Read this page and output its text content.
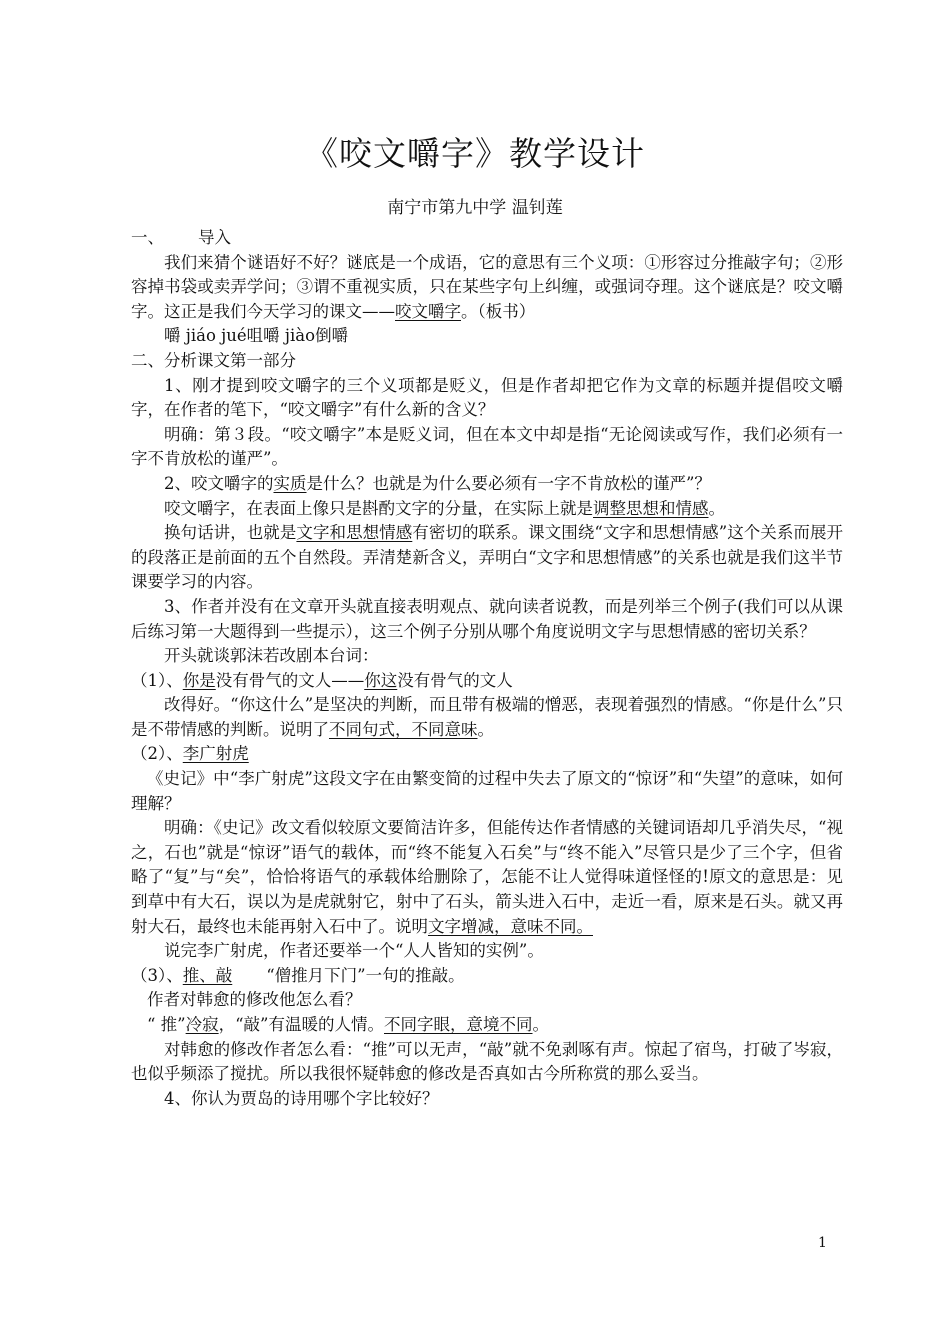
《咬文嚼字》教学设计
南宁市第九中学 温钊莲

一、 导入

我们来猜个谜语好不好？谜底是一个成语，它的意思有三个义项：①形容过分推敲字句；②形容掉书袋或卖弄学问；③谓不重视实质，只在某些字句上纠缠，或强词夺理。这个谜底是？咬文嚼字。这正是我们今天学习的课文——咬文嚼字。（板书）

嚼 jiáo jué咀嚼 jiào倒嚼

二、分析课文第一部分

1、刚才提到咬文嚼字的三个义项都是贬义，但是作者却把它作为文章的标题并提倡咬文嚼字，在作者的笔下，“咬文嚼字”有什么新的含义？

明确：第３段。“咬文嚼字”本是贬义词，但在本文中却是指“无论阅读或写作，我们必须有一字不肯放松的谨严”。

2、咬文嚼字的实质是什么？也就是为什么要必须有一字不肯放松的谨严”？

咬文嚼字，在表面上像只是斟酌文字的分量，在实际上就是调整思想和情感。

换句话讲，也就是文字和思想情感有密切的联系。课文围绕“文字和思想情感”这个关系而展开的段落正是前面的五个自然段。弄清楚新含义，弄明白“文字和思想情感”的关系也就是我们这半节课要学习的内容。

3、作者并没有在文章开头就直接表明观点、就向读者说教，而是列举三个例子(我们可以从课后练习第一大题得到一些提示），这三个例子分别从哪个角度说明文字与思想情感的密切关系？

开头就谈郭沫若改剧本台词：

（1）、你是没有骨气的文人——你这没有骨气的文人

改得好。“你这什么”是坚决的判断，而且带有极端的憎恶，表现着强烈的情感。“你是什么”只是不带情感的判断。说明了不同句式，不同意味。

（2）、李广射虎

《史记》中“李广射虎”这段文字在由繁变简的过程中失去了原文的“惊讶”和“失望”的意味，如何理解？

明确：《史记》改文看似较原文要简洁许多，但能传达作者情感的关键词语却几乎消失尽，“视之，石也”就是“惊讶”语气的载体，而“终不能复入石矣”与“终不能入”尽管只是少了三个字，但省略了“复”与“矣”，恰恰将语气的承载体给删除了，怎能不让人觉得味道怪怪的!原文的意思是：见到草中有大石，误以为是虎就射它，射中了石头，箭头进入石中，走近一看，原来是石头。就又再射大石，最终也未能再射入石中了。说明文字增减，意味不同。

说完李广射虎，作者还要举一个“人人皆知的实例”。

（3）、推、敲 “僧推月下门”一句的推敲。

作者对韩愈的修改他怎么看？

“ 推”冷寂，“敲”有温暖的人情。不同字眼，意境不同。

对韩愈的修改作者怎么看：“推”可以无声，“敲”就不免剥啄有声。惊起了宿鸟，打破了岑寂，也似乎频添了搅扰。所以我很怀疑韩愈的修改是否真如古今所称赏的那么妥当。

4、你认为贾岛的诗用哪个字比较好？

1
